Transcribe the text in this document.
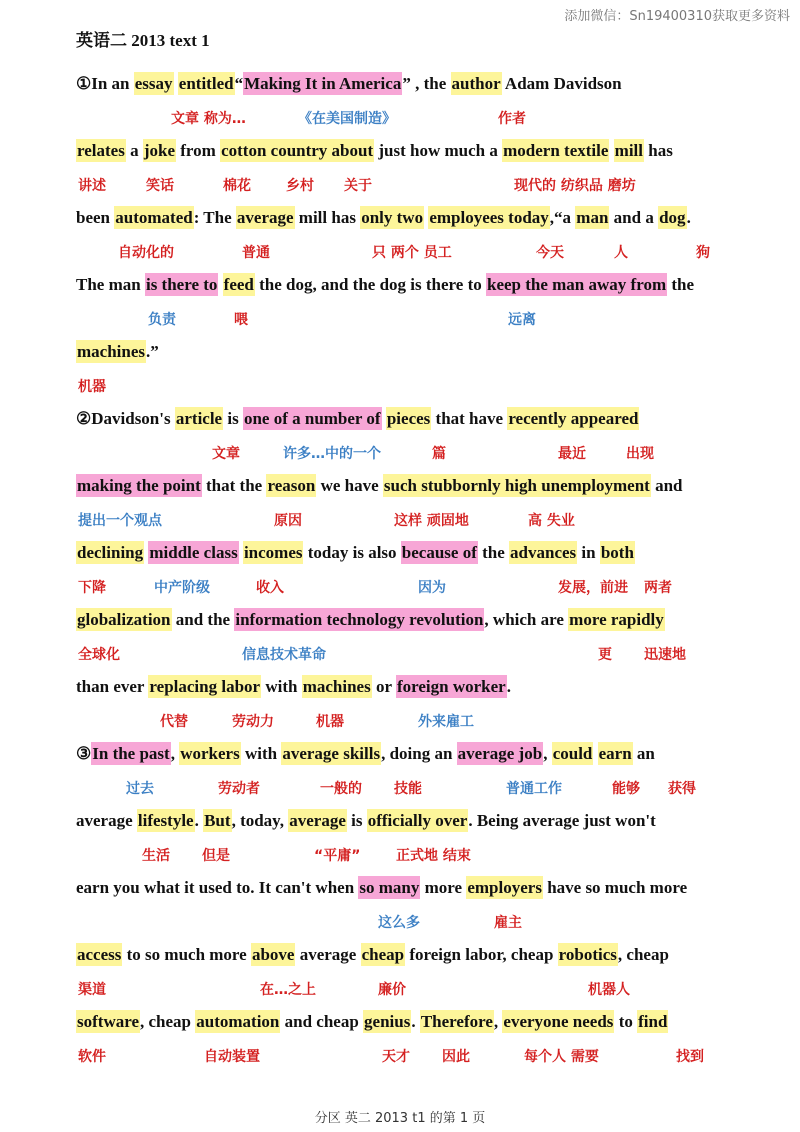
添加微信：Sn19400310获取更多资料
英语二 2013 text 1
①In an essay entitled“Making It in America” , the author Adam Davidson
文章 称为…	《在美国制造》	作者
relates a joke from cotton country about just how much a modern textile mill has
讲述	笑话	棉花	乡村 关于	现代的 纺织品 磨坊
been automated: The average mill has only two employees today,“a man and a dog.
自动化的	普通	只 两个 员工	今天	人	狗
The man is there to feed the dog, and the dog is there to keep the man away from the
负责	喂	远离
machines.”
机器
②Davidson's article is one of a number of pieces that have recently appeared
文章	许多…中的一个	篇	最近	出现
making the point that the reason we have such stubbornly high unemployment and
提出一个观点	原因	这样 顽固地	高 失业
declining middle class incomes today is also because of the advances in both
下降	中产阶级	收入	因为	发展，前进 两者
globalization and the information technology revolution, which are more rapidly
全球化	信息技术革命	更 迅速地
than ever replacing labor with machines or foreign worker.
代替	劳动力	机器	外来雇工
③In the past, workers with average skills, doing an average job, could earn an
过去	劳动者	一般的 技能	普通工作	能够 获得
average lifestyle. But, today, average is officially over. Being average just won't
生活 但是	“平庸”	正式地 结束
earn you what it used to. It can't when so many more employers have so much more
这么多	雇主
access to so much more above average cheap foreign labor, cheap robotics, cheap
渠道	在…之上	廉价	机器人
software, cheap automation and cheap genius. Therefore, everyone needs to find
软件	自动装置	天才 因此	每个人 需要	找到
分区 英二 2013 t1 的第 1 页
